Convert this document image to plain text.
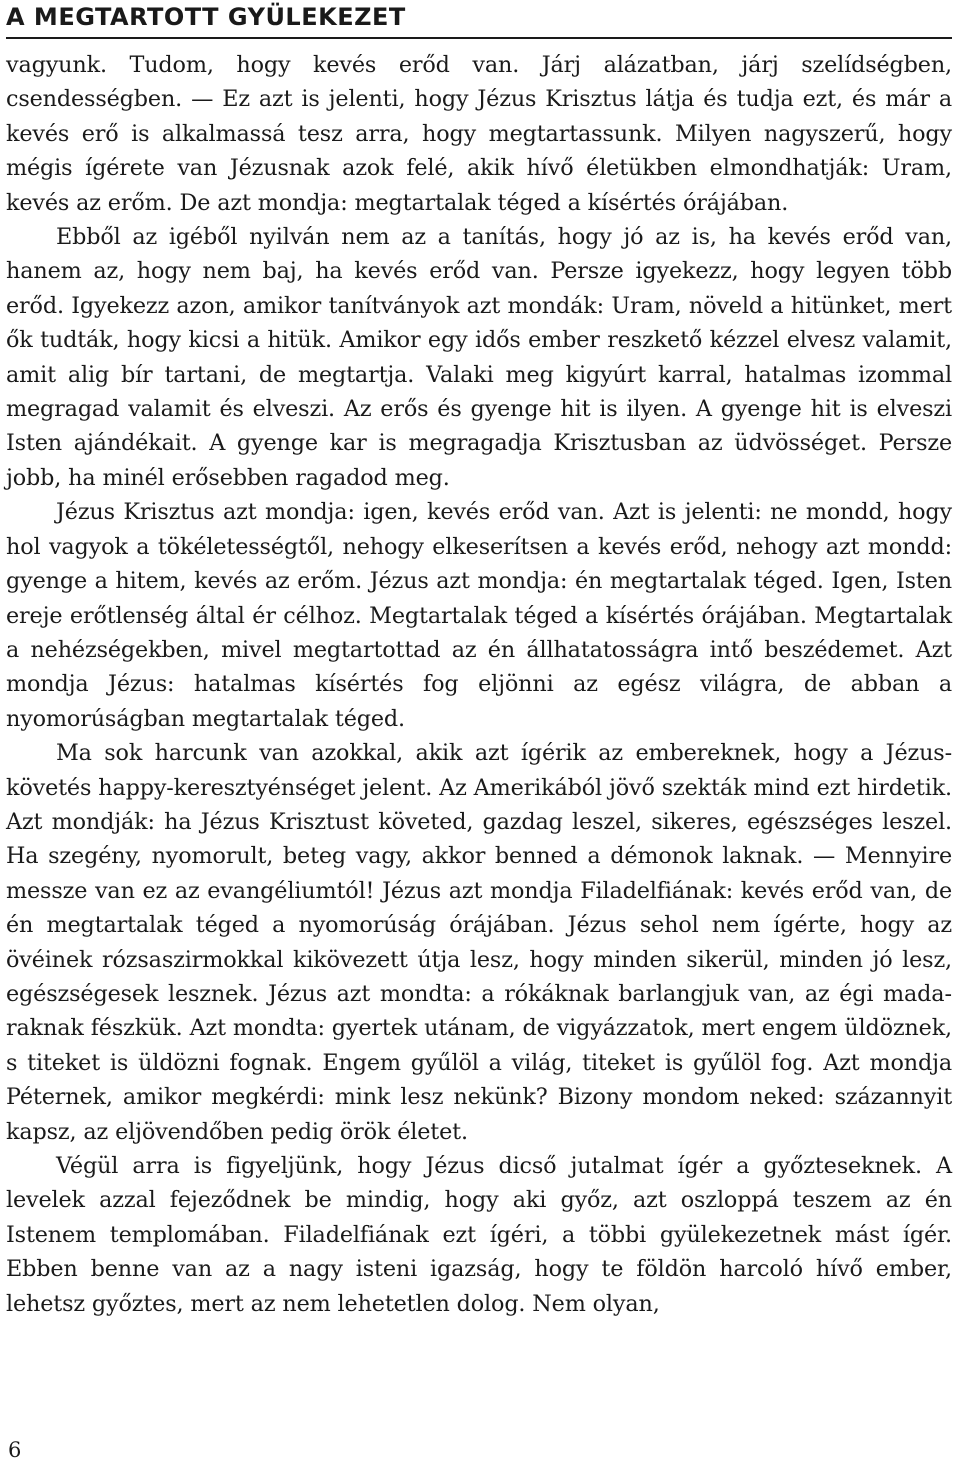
A MEGTARTOTT GYÜLEKEZET

vagyunk. Tudom, hogy kevés erőd van. Járj alázatban, járj szelídségben, csendességben. — Ez azt is jelenti, hogy Jézus Krisztus látja és tudja ezt, és már a kevés erő is alkalmassá tesz arra, hogy megtartassunk. Milyen nagyszerű, hogy mégis ígérete van Jézusnak azok felé, akik hívő életükben elmondhatják: Uram, kevés az erőm. De azt mondja: megtartalak téged a kísértés órájában.

Ebből az igéből nyilván nem az a tanítás, hogy jó az is, ha kevés erőd van, hanem az, hogy nem baj, ha kevés erőd van. Persze igyekezz, hogy legyen több erőd. Igyekezz azon, amikor tanítványok azt mondák: Uram, növeld a hitünket, mert ők tudták, hogy kicsi a hitük. Amikor egy idős ember reszkető kézzel elvesz valamit, amit alig bír tartani, de megtartja. Valaki meg kigyúrt karral, hatalmas izommal megragad valamit és elveszi. Az erős és gyenge hit is ilyen. A gyenge hit is elveszi Isten ajándékait. A gyenge kar is megragadja Krisztusban az üdvösséget. Persze jobb, ha minél erősebben ragadod meg.

Jézus Krisztus azt mondja: igen, kevés erőd van. Azt is jelenti: ne mondd, hogy hol vagyok a tökéletességtől, nehogy elkeserítsen a kevés erőd, nehogy azt mondd: gyenge a hitem, kevés az erőm. Jézus azt mondja: én megtartalak téged. Igen, Isten ereje erőtlenség által ér célhoz. Megtartalak téged a kísértés órájában. Megtartalak a nehézségekben, mivel megtartottad az én állhatatosságra intő beszédemet. Azt mondja Jézus: hatalmas kísértés fog eljönni az egész világra, de abban a nyomorúságban megtartalak téged.

Ma sok harcunk van azokkal, akik azt ígérik az embereknek, hogy a Jézus-követés happy-keresztyénséget jelent. Az Amerikából jövő szekták mind ezt hirdetik. Azt mondják: ha Jézus Krisztust követed, gazdag leszel, sikeres, egészséges leszel. Ha szegény, nyomorult, beteg vagy, akkor benned a démonok laknak. — Mennyire messze van ez az evangéliumtól! Jézus azt mondja Filadelfiának: kevés erőd van, de én megtartalak téged a nyomorúság órájában. Jézus sehol nem ígérte, hogy az övéinek rózsaszirmokkal kikövezett útja lesz, hogy minden sikerül, minden jó lesz, egészségesek lesznek. Jézus azt mondta: a rókáknak barlangjuk van, az égi madaraknak fészkük. Azt mondta: gyertek utánam, de vigyázzatok, mert engem üldöznek, s titeket is üldözni fognak. Engem gyűlöl a világ, titeket is gyűlöl fog. Azt mondja Péternek, amikor megkérdi: mink lesz nekünk? Bizony mondom neked: százannyit kapsz, az eljövendőben pedig örök életet.

Végül arra is figyeljünk, hogy Jézus dicső jutalmat ígér a győzteseknek. A levelek azzal fejeződnek be mindig, hogy aki győz, azt oszloppá teszem az én Istenem templomában. Filadelfiának ezt ígéri, a többi gyülekezetnek mást ígér. Ebben benne van az a nagy isteni igazság, hogy te földön harcoló hívő ember, lehetsz győztes, mert az nem lehetetlen dolog. Nem olyan,

6
